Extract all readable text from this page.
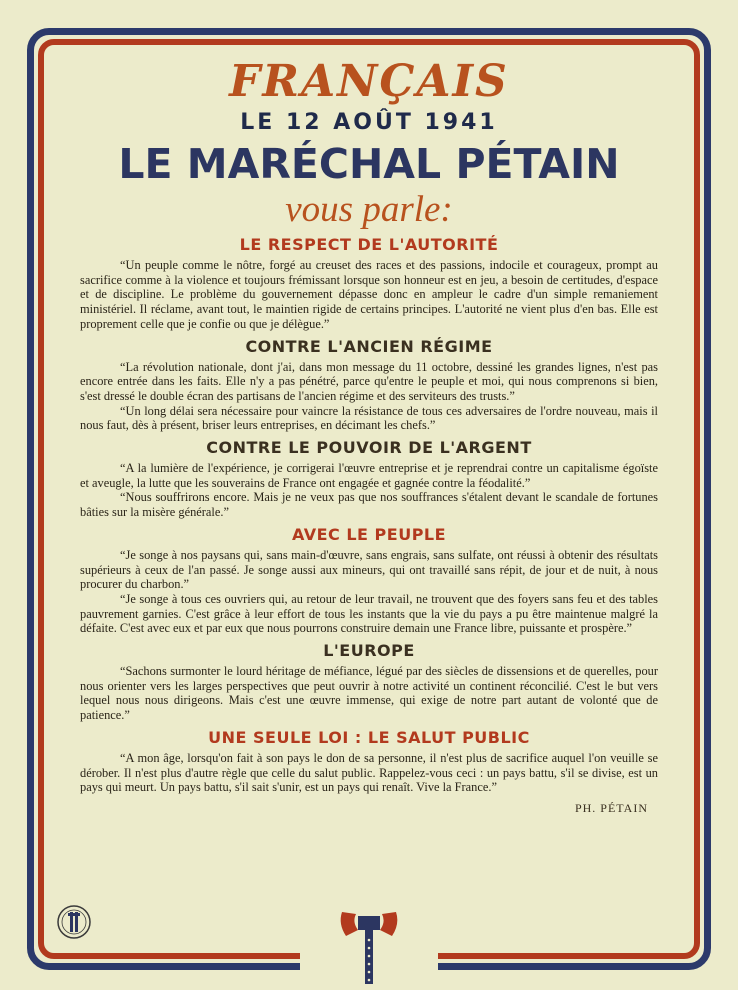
FRANÇAIS
LE 12 AOÛT 1941
LE MARÉCHAL PÉTAIN
vous parle:
LE RESPECT DE L'AUTORITÉ

“Un peuple comme le nôtre, forgé au creuset des races et des passions, indocile et courageux, prompt au sacrifice comme à la violence et toujours frémissant lorsque son honneur est en jeu, a besoin de certitudes, d'espace et de discipline. Le problème du gouvernement dépasse donc en ampleur le cadre d'un simple remaniement ministériel. Il réclame, avant tout, le maintien rigide de certains principes. L'autorité ne vient plus d'en bas. Elle est proprement celle que je confie ou que je délègue.”

CONTRE L'ANCIEN RÉGIME

“La révolution nationale, dont j'ai, dans mon message du 11 octobre, dessiné les grandes lignes, n'est pas encore entrée dans les faits. Elle n'y a pas pénétré, parce qu'entre le peuple et moi, qui nous comprenons si bien, s'est dressé le double écran des partisans de l'ancien régime et des serviteurs des trusts.”

“Un long délai sera nécessaire pour vaincre la résistance de tous ces adversaires de l'ordre nouveau, mais il nous faut, dès à présent, briser leurs entreprises, en décimant les chefs.”

CONTRE LE POUVOIR DE L'ARGENT

“A la lumière de l'expérience, je corrigerai l'œuvre entreprise et je reprendrai contre un capitalisme égoïste et aveugle, la lutte que les souverains de France ont engagée et gagnée contre la féodalité.”

“Nous souffrirons encore. Mais je ne veux pas que nos souffrances s'étalent devant le scandale de fortunes bâties sur la misère générale.”

AVEC LE PEUPLE

“Je songe à nos paysans qui, sans main-d'œuvre, sans engrais, sans sulfate, ont réussi à obtenir des résultats supérieurs à ceux de l'an passé. Je songe aussi aux mineurs, qui ont travaillé sans répit, de jour et de nuit, à nous procurer du charbon.”

“Je songe à tous ces ouvriers qui, au retour de leur travail, ne trouvent que des foyers sans feu et des tables pauvrement garnies. C'est grâce à leur effort de tous les instants que la vie du pays a pu être maintenue malgré la défaite. C'est avec eux et par eux que nous pourrons construire demain une France libre, puissante et prospère.”

L'EUROPE

“Sachons surmonter le lourd héritage de méfiance, légué par des siècles de dissensions et de querelles, pour nous orienter vers les larges perspectives que peut ouvrir à notre activité un continent réconcilié. C'est le but vers lequel nous nous dirigeons. Mais c'est une œuvre immense, qui exige de notre part autant de volonté que de patience.”

UNE SEULE LOI : LE SALUT PUBLIC

“A mon âge, lorsqu'on fait à son pays le don de sa personne, il n'est plus de sacrifice auquel l'on veuille se dérober. Il n'est plus d'autre règle que celle du salut public. Rappelez-vous ceci : un pays battu, s'il se divise, est un pays qui meurt. Un pays battu, s'il sait s'unir, est un pays qui renaît. Vive la France.”

PH. PÉTAIN
